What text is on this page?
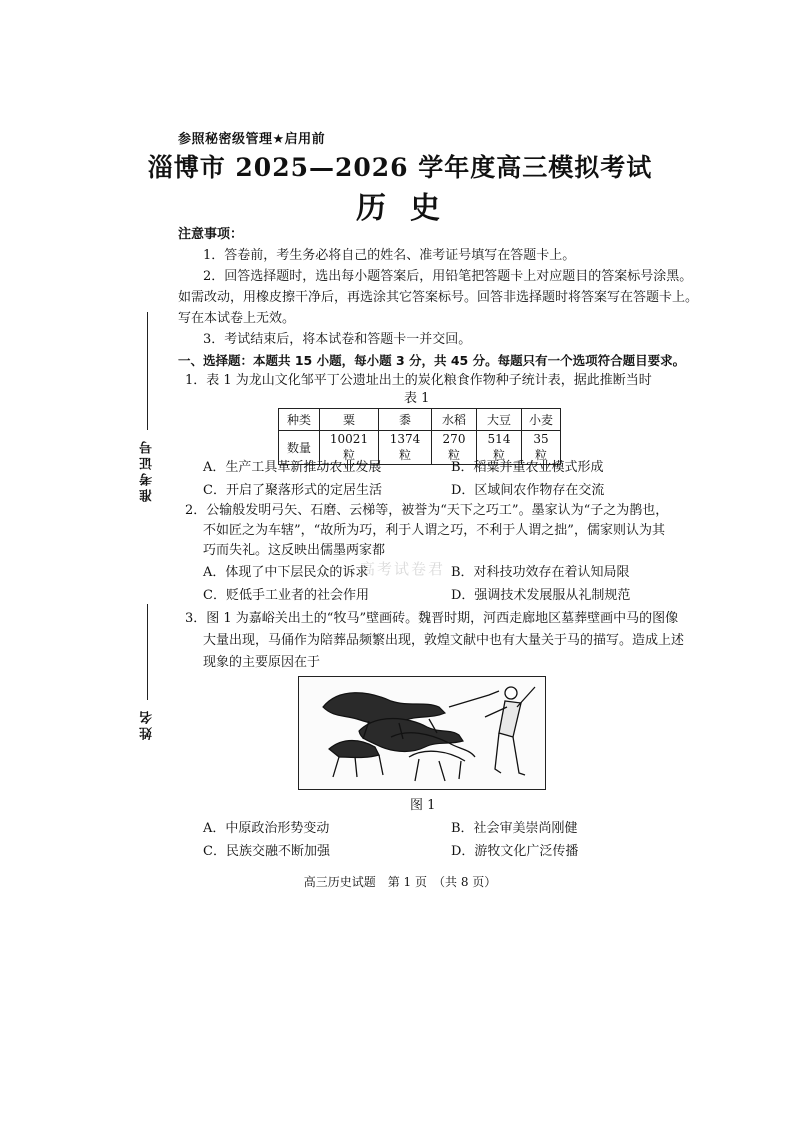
参照秘密级管理★启用前
淄博市 2025—2026 学年度高三模拟考试
历史
准考证号
姓名
注意事项：
1．答卷前，考生务必将自己的姓名、准考证号填写在答题卡上。
2．回答选择题时，选出每小题答案后，用铅笔把答题卡上对应题目的答案标号涂黑。
如需改动，用橡皮擦干净后，再选涂其它答案标号。回答非选择题时将答案写在答题卡上。
写在本试卷上无效。
3．考试结束后，将本试卷和答题卡一并交回。
一、选择题：本题共 15 小题，每小题 3 分，共 45 分。每题只有一个选项符合题目要求。
1．表 1 为龙山文化邹平丁公遗址出土的炭化粮食作物种子统计表，据此推断当时
表 1
种类	粟	黍	水稻	大豆	小麦
数量	10021 粒	1374 粒	270 粒	514 粒	35 粒
A．生产工具革新推动农业发展	B．稻粟并重农业模式形成
C．开启了聚落形式的定居生活	D．区域间农作物存在交流
2．公输般发明弓矢、石磨、云梯等，被誉为“天下之巧工”。墨家认为“子之为鹊也，
不如匠之为车辖”，“故所为巧，利于人谓之巧，不利于人谓之拙”，儒家则认为其
巧而失礼。这反映出儒墨两家都
高考试卷君
A．体现了中下层民众的诉求	B．对科技功效存在着认知局限
C．贬低手工业者的社会作用	D．强调技术发展服从礼制规范
3．图 1 为嘉峪关出土的“牧马”壁画砖。魏晋时期，河西走廊地区墓葬壁画中马的图像
大量出现，马俑作为陪葬品频繁出现，敦煌文献中也有大量关于马的描写。造成上述
现象的主要原因在于
图 1
A．中原政治形势变动	B．社会审美崇尚刚健
C．民族交融不断加强	D．游牧文化广泛传播
高三历史试题　第 1 页　（共 8 页）
